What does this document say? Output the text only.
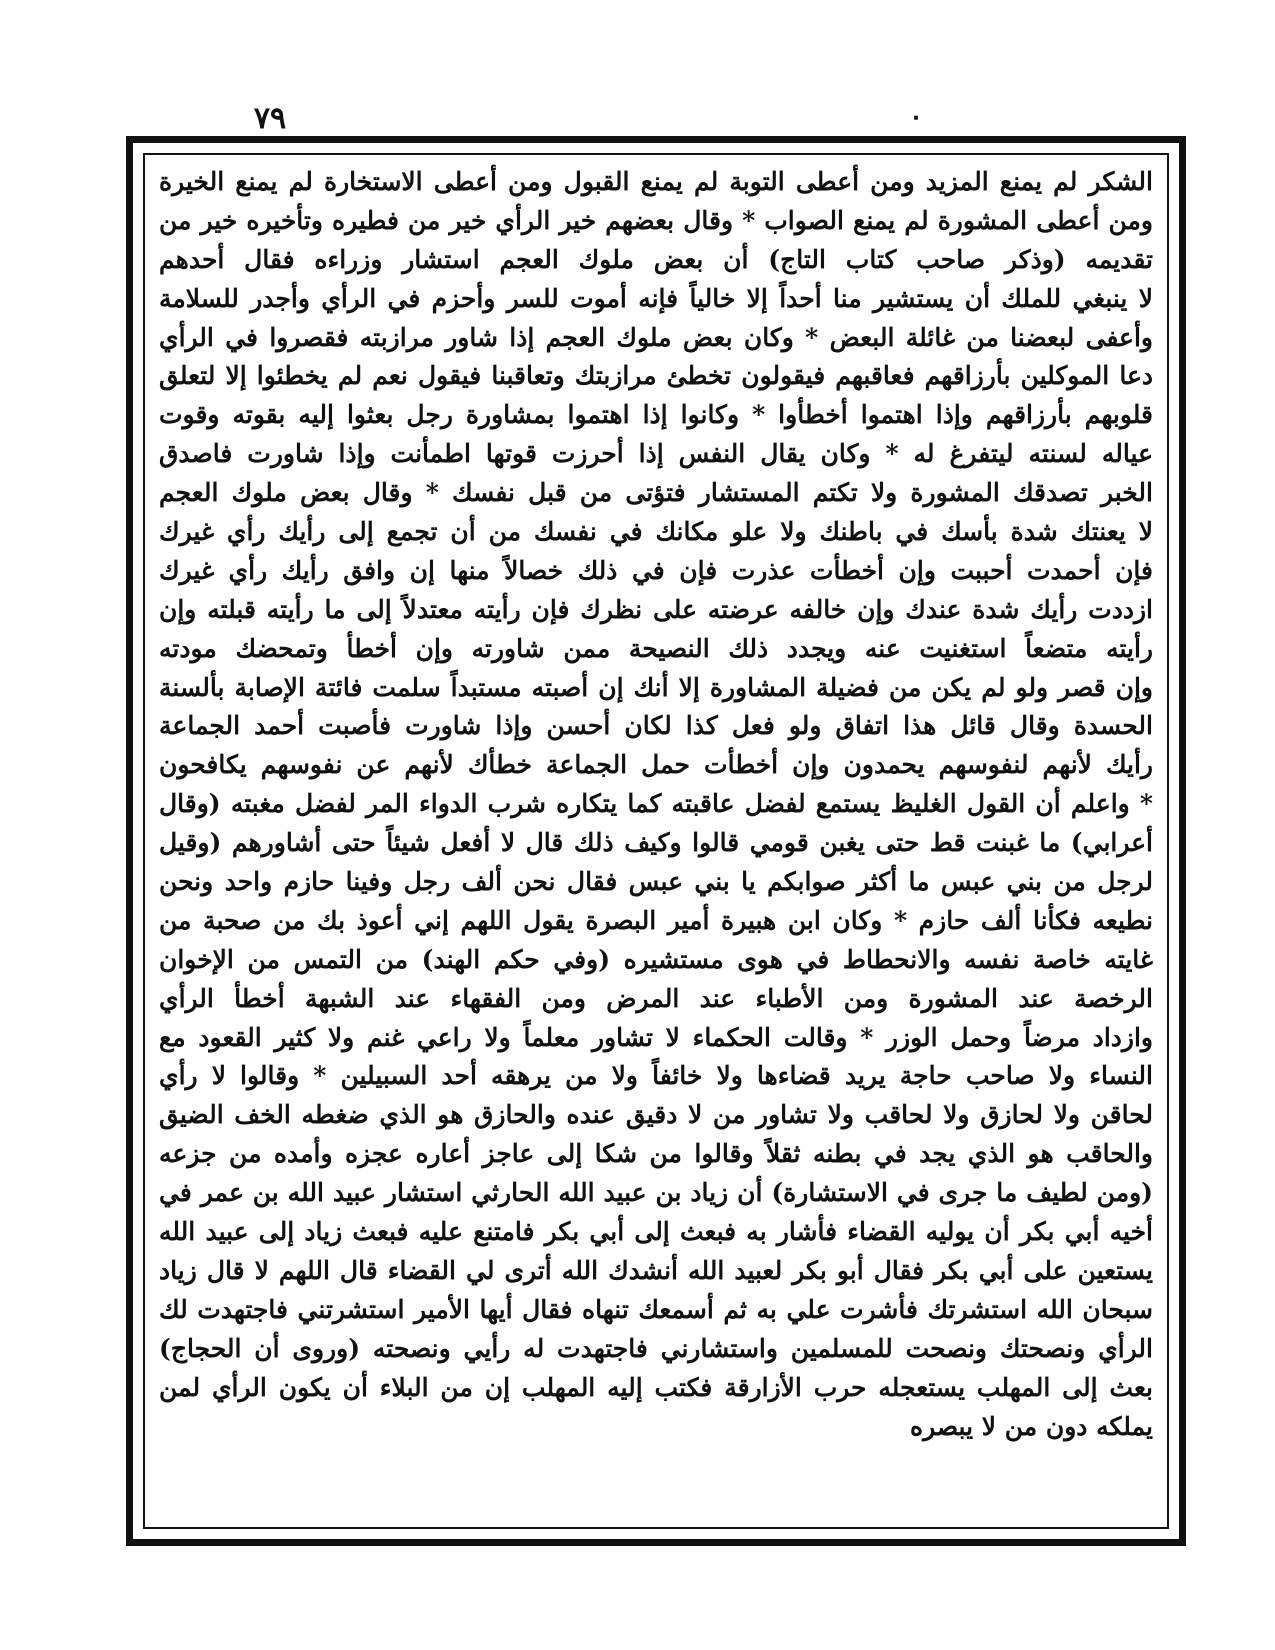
٧٩	٠
الشكر لم يمنع المزيد ومن أعطى التوبة لم يمنع القبول ومن أعطى الاستخارة لم يمنع الخيرة
ومن أعطى المشورة لم يمنع الصواب * وقال بعضهم خير الرأي خير من فطيره وتأخيره خير من
تقديمه (وذكر صاحب كتاب التاج) أن بعض ملوك العجم استشار وزراءه فقال أحدهم
لا ينبغي للملك أن يستشير منا أحداً إلا خالياً فإنه أموت للسر وأحزم في الرأي وأجدر للسلامة
وأعفى لبعضنا من غائلة البعض * وكان بعض ملوك العجم إذا شاور مرازبته فقصروا في الرأي
دعا الموكلين بأرزاقهم فعاقبهم فيقولون تخطئ مرازبتك وتعاقبنا فيقول نعم لم يخطئوا إلا لتعلق
قلوبهم بأرزاقهم وإذا اهتموا أخطأوا * وكانوا إذا اهتموا بمشاورة رجل بعثوا إليه بقوته وقوت
عياله لسنته ليتفرغ له * وكان يقال النفس إذا أحرزت قوتها اطمأنت وإذا شاورت فاصدق
الخبر تصدقك المشورة ولا تكتم المستشار فتؤتى من قبل نفسك * وقال بعض ملوك العجم
لا يعنتك شدة بأسك في باطنك ولا علو مكانك في نفسك من أن تجمع إلى رأيك رأي غيرك
فإن أحمدت أحببت وإن أخطأت عذرت فإن في ذلك خصالاً منها إن وافق رأيك رأي غيرك
ازددت رأيك شدة عندك وإن خالفه عرضته على نظرك فإن رأيته معتدلاً إلى ما رأيته قبلته وإن
رأيته متضعاً استغنيت عنه ويجدد ذلك النصيحة ممن شاورته وإن أخطأ وتمحضك مودته
وإن قصر ولو لم يكن من فضيلة المشاورة إلا أنك إن أصبته مستبداً سلمت فائتة الإصابة بألسنة
الحسدة وقال قائل هذا اتفاق ولو فعل كذا لكان أحسن وإذا شاورت فأصبت أحمد الجماعة
رأيك لأنهم لنفوسهم يحمدون وإن أخطأت حمل الجماعة خطأك لأنهم عن نفوسهم يكافحون
* واعلم أن القول الغليظ يستمع لفضل عاقبته كما يتكاره شرب الدواء المر لفضل مغبته (وقال
أعرابي) ما غبنت قط حتى يغبن قومي قالوا وكيف ذلك قال لا أفعل شيئاً حتى أشاورهم (وقيل
لرجل من بني عبس ما أكثر صوابكم يا بني عبس فقال نحن ألف رجل وفينا حازم واحد ونحن
نطيعه فكأنا ألف حازم * وكان ابن هبيرة أمير البصرة يقول اللهم إني أعوذ بك من صحبة من
غايته خاصة نفسه والانحطاط في هوى مستشيره (وفي حكم الهند) من التمس من الإخوان
الرخصة عند المشورة ومن الأطباء عند المرض ومن الفقهاء عند الشبهة أخطأ الرأي
وازداد مرضاً وحمل الوزر * وقالت الحكماء لا تشاور معلماً ولا راعي غنم ولا كثير القعود مع
النساء ولا صاحب حاجة يريد قضاءها ولا خائفاً ولا من يرهقه أحد السبيلين * وقالوا لا رأي
لحاقن ولا لحازق ولا لحاقب ولا تشاور من لا دقيق عنده والحازق هو الذي ضغطه الخف الضيق
والحاقب هو الذي يجد في بطنه ثقلاً وقالوا من شكا إلى عاجز أعاره عجزه وأمده من جزعه
(ومن لطيف ما جرى في الاستشارة) أن زياد بن عبيد الله الحارثي استشار عبيد الله بن عمر في
أخيه أبي بكر أن يوليه القضاء فأشار به فبعث إلى أبي بكر فامتنع عليه فبعث زياد إلى عبيد الله
يستعين على أبي بكر فقال أبو بكر لعبيد الله أنشدك الله أترى لي القضاء قال اللهم لا قال زياد
سبحان الله استشرتك فأشرت علي به ثم أسمعك تنهاه فقال أيها الأمير استشرتني فاجتهدت لك
الرأي ونصحتك ونصحت للمسلمين واستشارني فاجتهدت له رأيي ونصحته (وروى أن الحجاج)
بعث إلى المهلب يستعجله حرب الأزارقة فكتب إليه المهلب إن من البلاء أن يكون الرأي لمن
يملكه دون من لا يبصره
